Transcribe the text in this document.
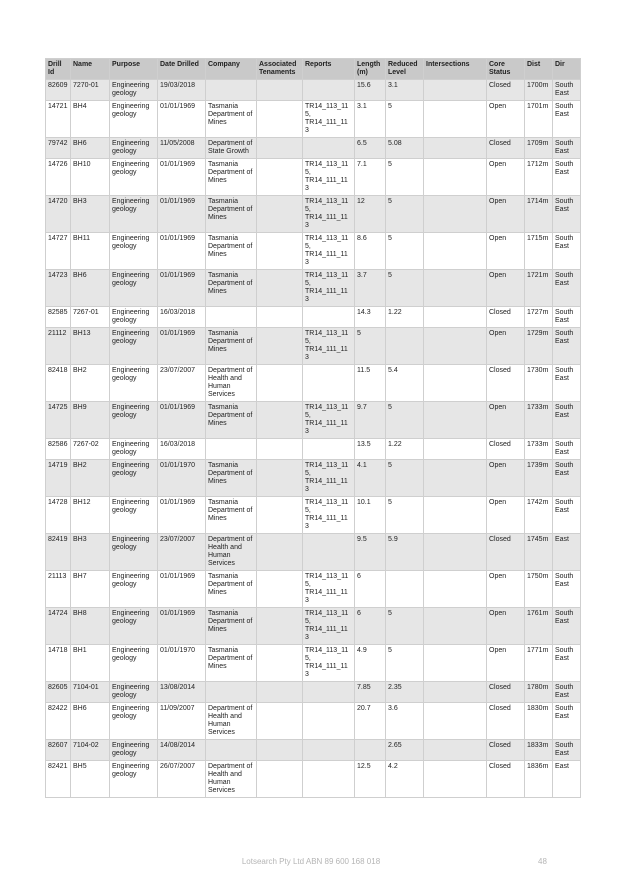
Drill Id	Name	Purpose	Date Drilled	Company	Associated Tenaments	Reports	Length (m)	Reduced Level	Intersections	Core Status	Dist	Dir
82609	7270-01	Engineering geology	19/03/2018				15.6	3.1		Closed	1700m	South East
14721	BH4	Engineering geology	01/01/1969	Tasmania Department of Mines		TR14_113_11 5, TR14_111_11 3	3.1	5		Open	1701m	South East
79742	BH6	Engineering geology	11/05/2008	Department of State Growth			6.5	5.08		Closed	1709m	South East
14726	BH10	Engineering geology	01/01/1969	Tasmania Department of Mines		TR14_113_11 5, TR14_111_11 3	7.1	5		Open	1712m	South East
14720	BH3	Engineering geology	01/01/1969	Tasmania Department of Mines		TR14_113_11 5, TR14_111_11 3	12	5		Open	1714m	South East
14727	BH11	Engineering geology	01/01/1969	Tasmania Department of Mines		TR14_113_11 5, TR14_111_11 3	8.6	5		Open	1715m	South East
14723	BH6	Engineering geology	01/01/1969	Tasmania Department of Mines		TR14_113_11 5, TR14_111_11 3	3.7	5		Open	1721m	South East
82585	7267-01	Engineering geology	16/03/2018				14.3	1.22		Closed	1727m	South East
21112	BH13	Engineering geology	01/01/1969	Tasmania Department of Mines		TR14_113_11 5, TR14_111_11 3	5			Open	1729m	South East
82418	BH2	Engineering geology	23/07/2007	Department of Health and Human Services			11.5	5.4		Closed	1730m	South East
14725	BH9	Engineering geology	01/01/1969	Tasmania Department of Mines		TR14_113_11 5, TR14_111_11 3	9.7	5		Open	1733m	South East
82586	7267-02	Engineering geology	16/03/2018				13.5	1.22		Closed	1733m	South East
14719	BH2	Engineering geology	01/01/1970	Tasmania Department of Mines		TR14_113_11 5, TR14_111_11 3	4.1	5		Open	1739m	South East
14728	BH12	Engineering geology	01/01/1969	Tasmania Department of Mines		TR14_113_11 5, TR14_111_11 3	10.1	5		Open	1742m	South East
82419	BH3	Engineering geology	23/07/2007	Department of Health and Human Services			9.5	5.9		Closed	1745m	East
21113	BH7	Engineering geology	01/01/1969	Tasmania Department of Mines		TR14_113_11 5, TR14_111_11 3	6			Open	1750m	South East
14724	BH8	Engineering geology	01/01/1969	Tasmania Department of Mines		TR14_113_11 5, TR14_111_11 3	6	5		Open	1761m	South East
14718	BH1	Engineering geology	01/01/1970	Tasmania Department of Mines		TR14_113_11 5, TR14_111_11 3	4.9	5		Open	1771m	South East
82605	7104-01	Engineering geology	13/08/2014				7.85	2.35		Closed	1780m	South East
82422	BH6	Engineering geology	11/09/2007	Department of Health and Human Services			20.7	3.6		Closed	1830m	South East
82607	7104-02	Engineering geology	14/08/2014					2.65		Closed	1833m	South East
82421	BH5	Engineering geology	26/07/2007	Department of Health and Human Services			12.5	4.2		Closed	1836m	East
Lotsearch Pty Ltd ABN 89 600 168 018	48
